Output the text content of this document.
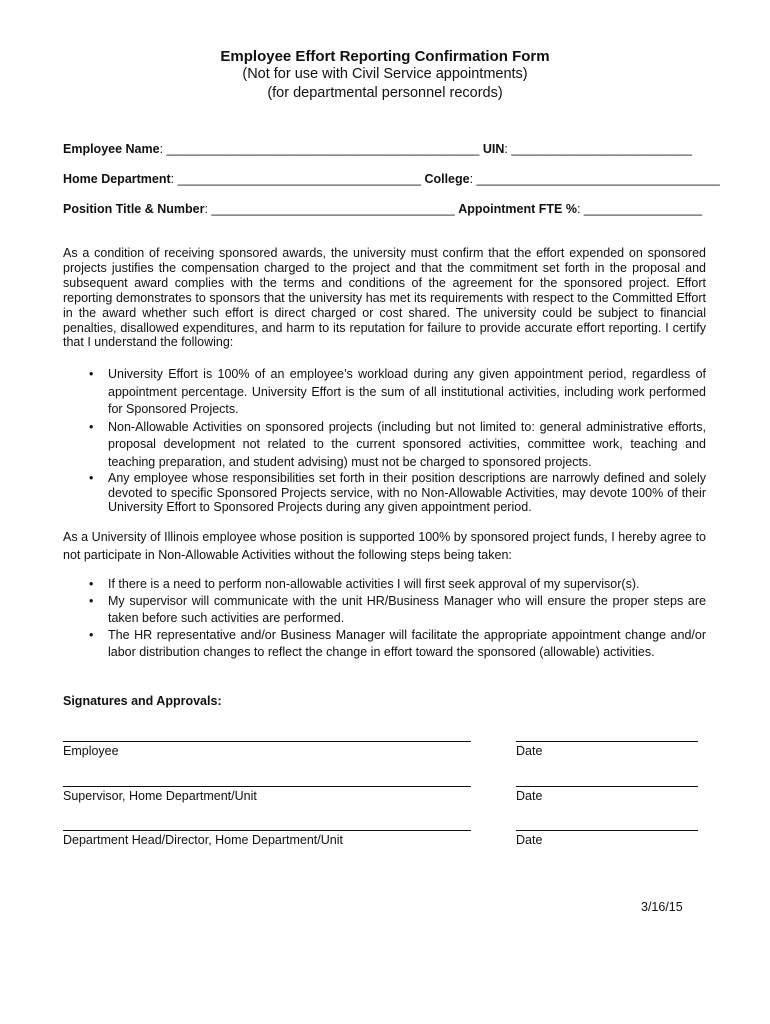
Employee Effort Reporting Confirmation Form
(Not for use with Civil Service appointments)
(for departmental personnel records)
Employee Name: _____________________________________________ UIN: __________________________
Home Department: ___________________________________ College: ___________________________________
Position Title & Number: ___________________________________ Appointment FTE %: _________________
As a condition of receiving sponsored awards, the university must confirm that the effort expended on sponsored projects justifies the compensation charged to the project and that the commitment set forth in the proposal and subsequent award complies with the terms and conditions of the agreement for the sponsored project. Effort reporting demonstrates to sponsors that the university has met its requirements with respect to the Committed Effort in the award whether such effort is direct charged or cost shared. The university could be subject to financial penalties, disallowed expenditures, and harm to its reputation for failure to provide accurate effort reporting. I certify that I understand the following:
• University Effort is 100% of an employee’s workload during any given appointment period, regardless of appointment percentage. University Effort is the sum of all institutional activities, including work performed for Sponsored Projects.
• Non-Allowable Activities on sponsored projects (including but not limited to: general administrative efforts, proposal development not related to the current sponsored activities, committee work, teaching and teaching preparation, and student advising) must not be charged to sponsored projects.
• Any employee whose responsibilities set forth in their position descriptions are narrowly defined and solely devoted to specific Sponsored Projects service, with no Non-Allowable Activities, may devote 100% of their University Effort to Sponsored Projects during any given appointment period.
As a University of Illinois employee whose position is supported 100% by sponsored project funds, I hereby agree to not participate in Non-Allowable Activities without the following steps being taken:
• If there is a need to perform non-allowable activities I will first seek approval of my supervisor(s).
• My supervisor will communicate with the unit HR/Business Manager who will ensure the proper steps are taken before such activities are performed.
• The HR representative and/or Business Manager will facilitate the appropriate appointment change and/or labor distribution changes to reflect the change in effort toward the sponsored (allowable) activities.
Signatures and Approvals:
Employee	Date
Supervisor, Home Department/Unit	Date
Department Head/Director, Home Department/Unit	Date
3/16/15
